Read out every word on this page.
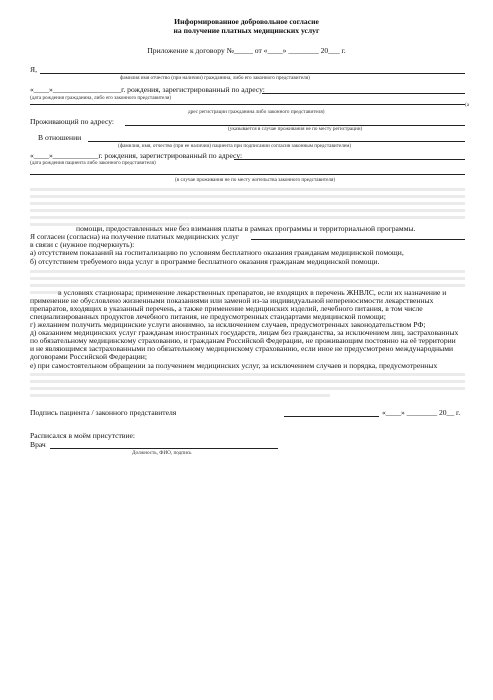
Информированное добровольное согласие
на получение платных медицинских услуг
Приложение к договору №_____ от «____» ________ 20___ г.
Я,
фамилия имя отчество (при наличии) гражданина, либо его законного представителя)
«____»__________________г. рождения, зарегистрированный по адресу:
(дата рождения гражданина, либо его законного представителя)
(а
дрес регистрации гражданина либо законного представителя)
Проживающий по адресу:
(указывается в случае проживания не по месту регистрации)
В отношении
(фамилия, имя, отчество (при ее наличии) пациента при подписании согласия законным представителем)
«____»____________г. рождения, зарегистрированный по адресу:
(дата рождения пациента либо законного представителя)
(в случае проживания не по месту жительства законного представителя)
помощи, предоставленных мне без взимания платы в рамках программы и территориальной программы.
Я согласен (согласна) на получение платных медицинских услуг
в связи с (нужное подчеркнуть):
а) отсутствием показаний на госпитализацию по условиям бесплатного оказания гражданам медицинской помощи,
б) отсутствием требуемого вида услуг в программе бесплатного оказания гражданам медицинской помощи.
в условиях стационара; применение лекарственных препаратов, не входящих в перечень ЖНВЛС, если их назначение и
применение не обусловлено жизненными показаниями или заменой из-за индивидуальной непереносимости лекарственных
препаратов, входящих в указанный перечень, а также применение медицинских изделий, лечебного питания, в том числе
специализированных продуктов лечебного питания, не предусмотренных стандартами медицинской помощи;
г) желанием получить медицинские услуги анонимно, за исключением случаев, предусмотренных законодательством РФ;
д) оказанием медицинских услуг гражданам иностранных государств, лицам без гражданства, за исключением лиц, застрахованных
по обязательному медицинскому страхованию, и гражданам Российской Федерации, не проживающим постоянно на её территории
и не являющимся застрахованными по обязательному медицинскому страхованию, если иное не предусмотрено международными
договорами Российской Федерации;
е) при самостоятельном обращении за получением медицинских услуг, за исключением случаев и порядка, предусмотренных
Подпись пациента / законного представителя	«____» ________ 20__ г.
Расписался в моём присутствие:
Врач
Должность, ФИО, подпись
